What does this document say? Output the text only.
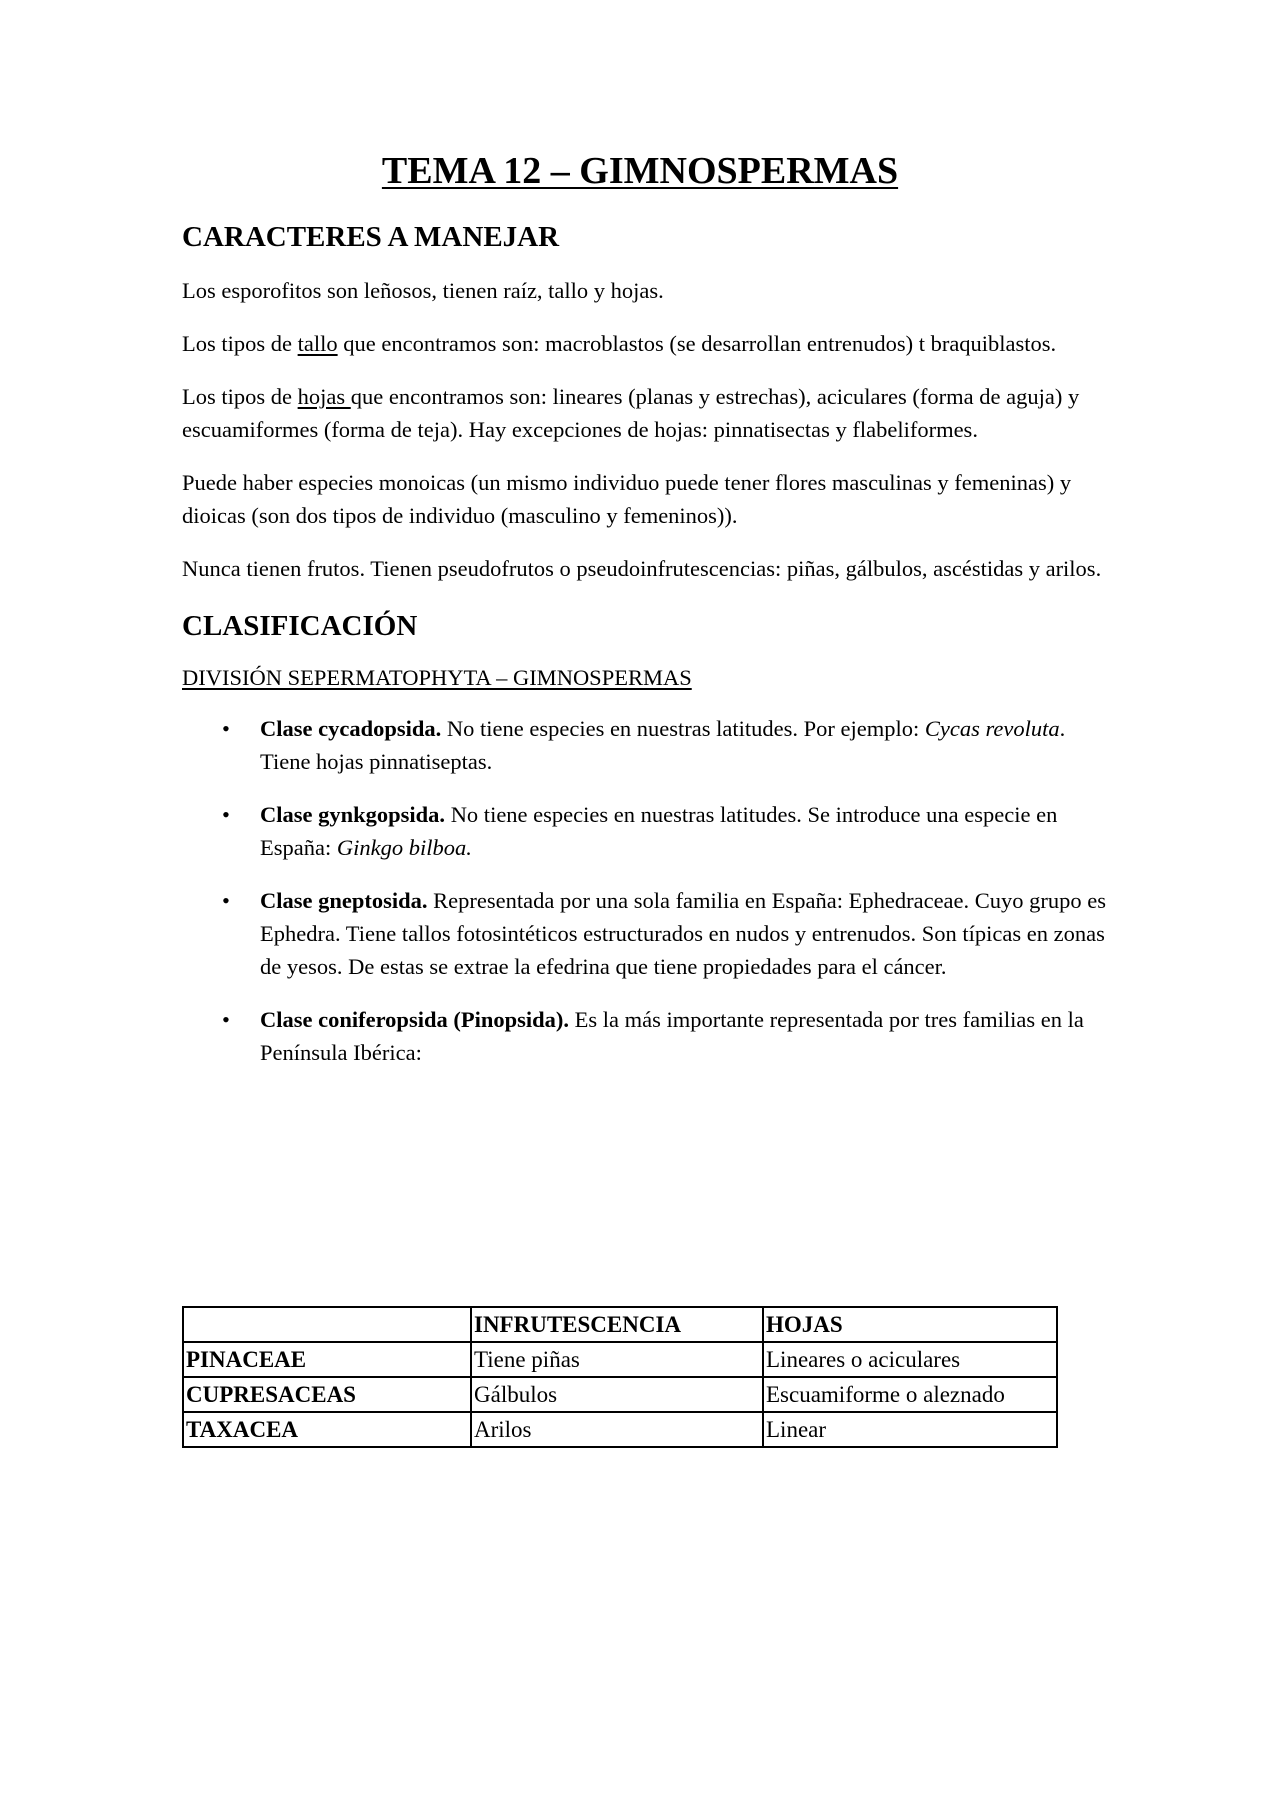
TEMA 12 – GIMNOSPERMAS
CARACTERES A MANEJAR

Los esporofitos son leñosos, tienen raíz, tallo y hojas.

Los tipos de tallo que encontramos son: macroblastos (se desarrollan entrenudos) t braquiblastos.

Los tipos de hojas que encontramos son: lineares (planas y estrechas), aciculares (forma de aguja) y escuamiformes (forma de teja). Hay excepciones de hojas: pinnatisectas y flabeliformes.

Puede haber especies monoicas (un mismo individuo puede tener flores masculinas y femeninas) y dioicas (son dos tipos de individuo (masculino y femeninos)).

Nunca tienen frutos. Tienen pseudofrutos o pseudoinfrutescencias: piñas, gálbulos, ascéstidas y arilos.

CLASIFICACIÓN

DIVISIÓN SEPERMATOPHYTA – GIMNOSPERMAS

• Clase cycadopsida. No tiene especies en nuestras latitudes. Por ejemplo: Cycas revoluta. Tiene hojas pinnatiseptas.
• Clase gynkgopsida. No tiene especies en nuestras latitudes. Se introduce una especie en España: Ginkgo bilboa.
• Clase gneptosida. Representada por una sola familia en España: Ephedraceae. Cuyo grupo es Ephedra. Tiene tallos fotosintéticos estructurados en nudos y entrenudos. Son típicas en zonas de yesos. De estas se extrae la efedrina que tiene propiedades para el cáncer.
• Clase coniferopsida (Pinopsida). Es la más importante representada por tres familias en la Península Ibérica:
	INFRUTESCENCIA	HOJAS
PINACEAE	Tiene piñas	Lineares o aciculares
CUPRESACEAS	Gálbulos	Escuamiforme o aleznado
TAXACEA	Arilos	Linear
